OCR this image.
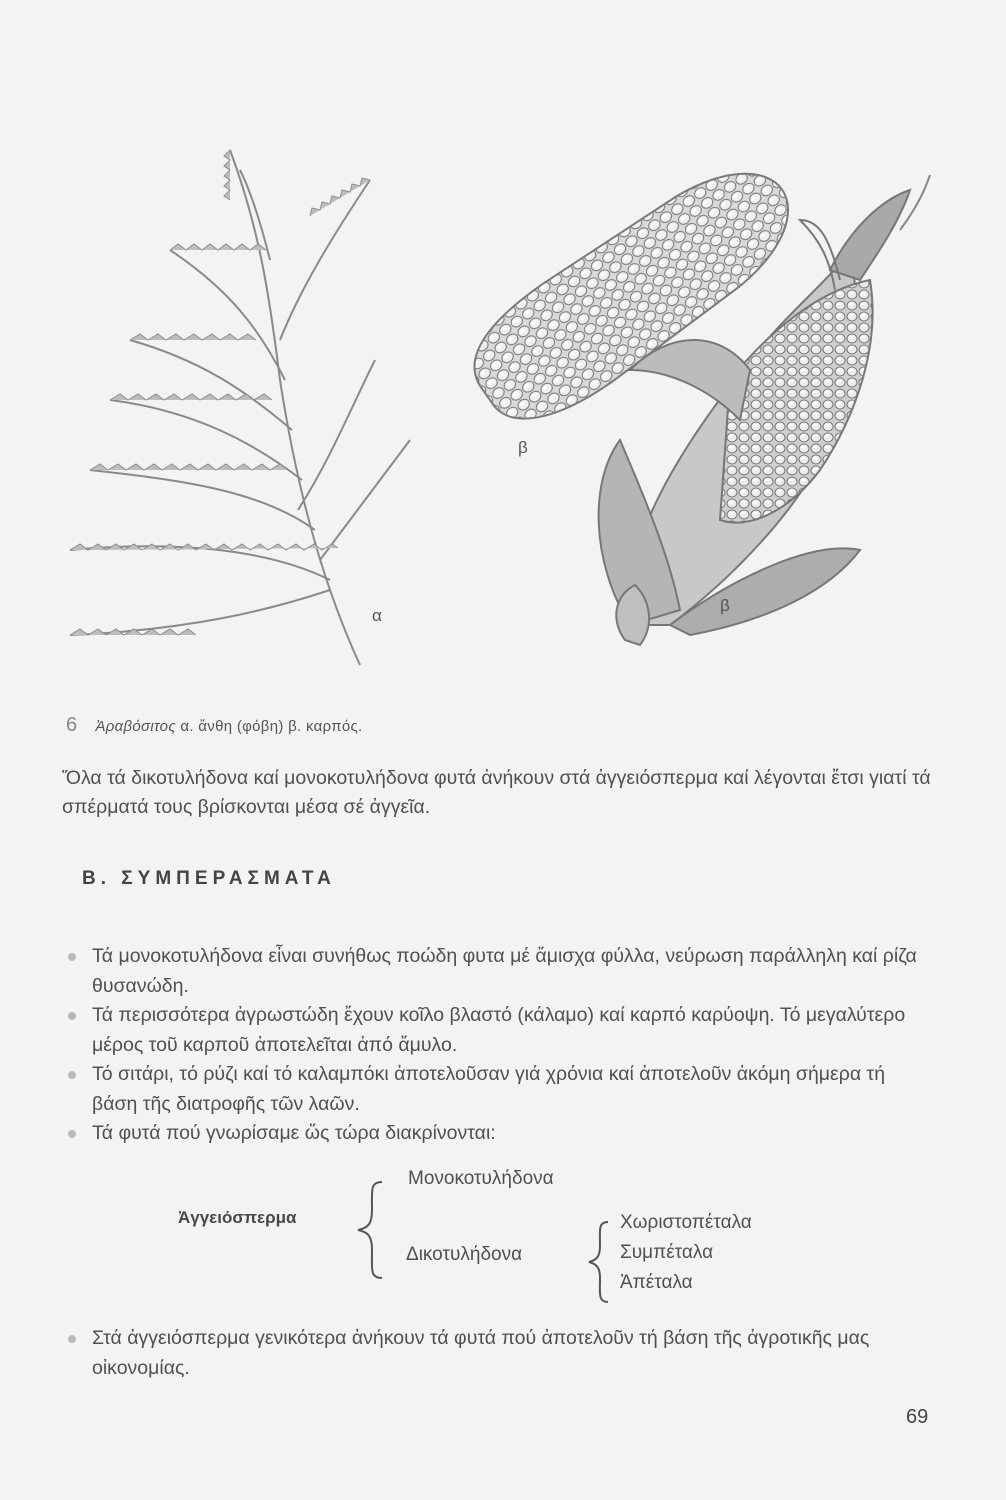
α
β
β
6 Ἀραβόσιτος α. ἄνθη (φόβη) β. καρπός.
Ὅλα τά δικοτυλήδονα καί μονοκοτυλήδονα φυτά ἀνήκουν στά ἀγγειόσπερμα καί λέγονται ἔτσι γιατί τά σπέρματά τους βρίσκονται μέσα σέ ἀγγεῖα.
Β. ΣΥΜΠΕΡΑΣΜΑΤΑ
Τά μονοκοτυλήδονα εἶναι συνήθως ποώδη φυτα μέ ἄμισχα φύλλα, νεύρωση παράλληλη καί ρίζα θυσανώδη.
Τά περισσότερα ἀγρωστώδη ἔχουν κοῖλο βλαστό (κάλαμο) καί καρπό καρύοψη. Τό μεγαλύτερο μέρος τοῦ καρποῦ ἀποτελεῖται ἀπό ἄμυλο.
Τό σιτάρι, τό ρύζι καί τό καλαμπόκι ἀποτελοῦσαν γιά χρόνια καί ἀποτελοῦν ἀκόμη σήμερα τή βάση τῆς διατροφῆς τῶν λαῶν.
Τά φυτά πού γνωρίσαμε ὥς τώρα διακρίνονται:
Ἀγγειόσπερμα
Μονοκοτυλήδονα
Δικοτυλήδονα
Χωριστοπέταλα
Συμπέταλα
Ἀπέταλα
Στά ἀγγειόσπερμα γενικότερα ἀνήκουν τά φυτά πού ἀποτελοῦν τή βάση τῆς ἀγροτικῆς μας οἰκονομίας.
69
